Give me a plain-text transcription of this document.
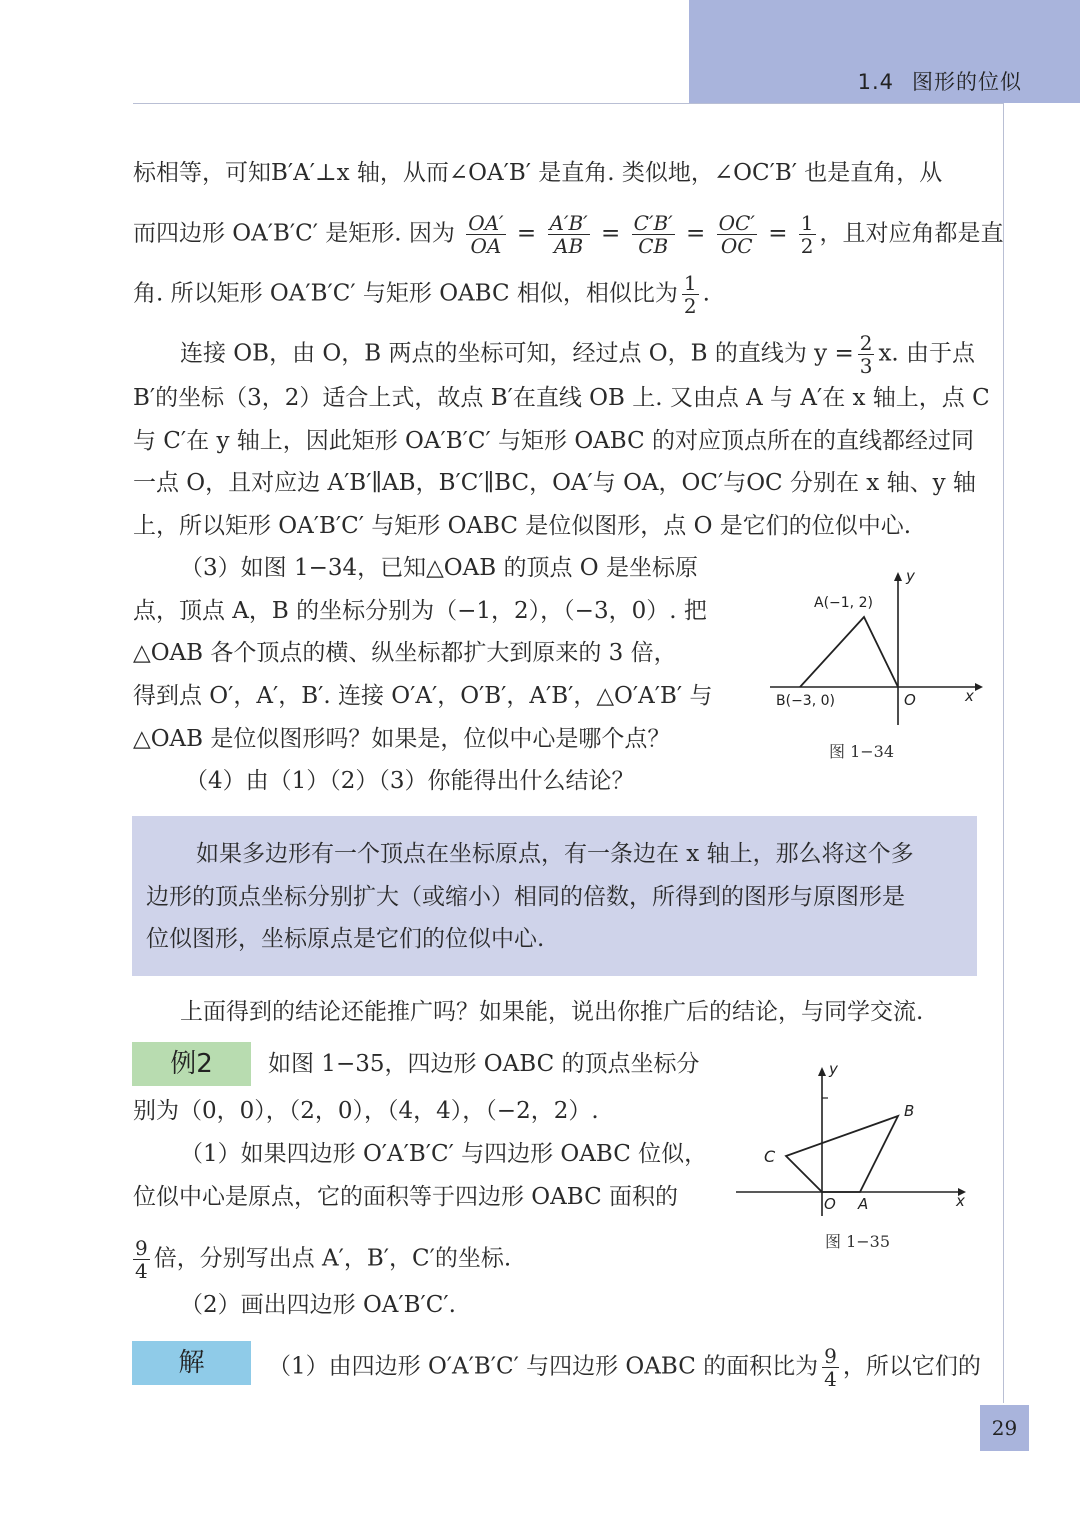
1.4 图形的位似
标相等，可知B′A′⊥x 轴，从而∠OA′B′ 是直角. 类似地，∠OC′B′ 也是直角，从
而四边形 OA′B′C′ 是矩形. 因为 $\frac{OA'}{OA} = \frac{A'B'}{AB} = \frac{C'B'}{CB} = \frac{OC'}{OC} = \frac{1}{2}$ ，且对应角都是直
角. 所以矩形 OA′B′C′ 与矩形 OABC 相似，相似比为 $\frac{1}{2}$ .
连接 OB，由 O，B 两点的坐标可知，经过点 O，B 的直线为 $y = \frac{2}{3} x$. 由于点
B′的坐标（3，2）适合上式，故点 B′在直线 OB 上. 又由点 A 与 A′在 x 轴上，点 C
与 C′在 y 轴上，因此矩形 OA′B′C′ 与矩形 OABC 的对应顶点所在的直线都经过同
一点 O，且对应边 A′B′∥AB，B′C′∥BC，OA′与 OA，OC′与OC 分别在 x 轴、y 轴
上，所以矩形 OA′B′C′ 与矩形 OABC 是位似图形，点 O 是它们的位似中心.
（3）如图 1−34，已知△OAB 的顶点 O 是坐标原
点，顶点 A，B 的坐标分别为（−1，2），（−3，0）. 把
△OAB 各个顶点的横、纵坐标都扩大到原来的 3 倍，
得到点 O′，A′，B′. 连接 O′A′，O′B′，A′B′，△O′A′B′ 与
△OAB 是位似图形吗？如果是，位似中心是哪个点？
（4）由（1）（2）（3）你能得出什么结论？
A(−1, 2)
B(−3, 0)	O	x
y
图 1−34
如果多边形有一个顶点在坐标原点，有一条边在 x 轴上，那么将这个多
边形的顶点坐标分别扩大（或缩小）相同的倍数，所得到的图形与原图形是
位似图形，坐标原点是它们的位似中心.
上面得到的结论还能推广吗？如果能，说出你推广后的结论，与同学交流.
例2	如图 1−35，四边形 OABC 的顶点坐标分
别为（0，0），（2，0），（4，4），（−2，2）.
（1）如果四边形 O′A′B′C′ 与四边形 OABC 位似，
位似中心是原点，它的面积等于四边形 OABC 面积的
$\frac{9}{4}$ 倍，分别写出点 A′，B′，C′的坐标.
（2）画出四边形 OA′B′C′.
B
C
O A	x
y
图 1−35
解	（1）由四边形 O′A′B′C′ 与四边形 OABC 的面积比为 $\frac{9}{4}$ ，所以它们的
29
